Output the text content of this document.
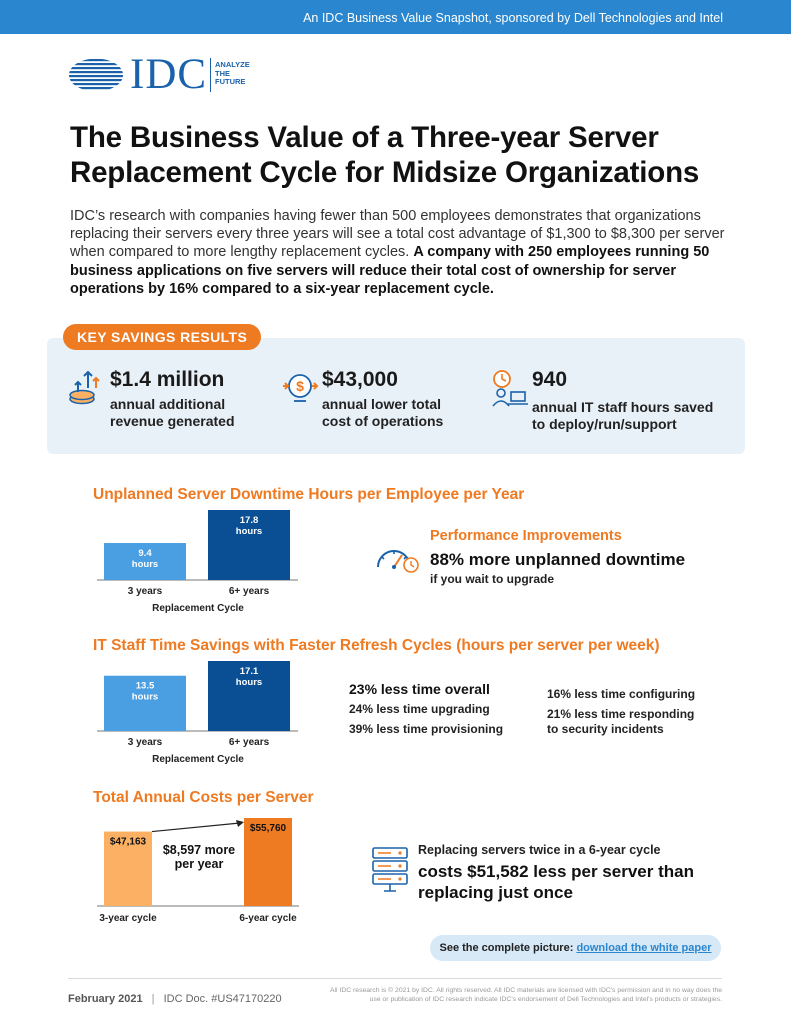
An IDC Business Value Snapshot, sponsored by Dell Technologies and Intel
IDC ANALYZE
THE
FUTURE
The Business Value of a Three-year Server Replacement Cycle for Midsize Organizations

IDC’s research with companies having fewer than 500 employees demonstrates that organizations replacing their servers every three years will see a total cost advantage of $1,300 to $8,300 per server when compared to more lengthy replacement cycles. A company with 250 employees running 50 business applications on five servers will reduce their total cost of ownership for server operations by 16% compared to a six-year replacement cycle.

KEY SAVINGS RESULTS
$1.4 million
annual additional
revenue generated
$ $43,000
annual lower total
cost of operations
940
annual IT staff hours saved
to deploy/run/support
Unplanned Server Downtime Hours per Employee per Year
9.4
hours
3 years
17.8
hours
6+ years
Replacement Cycle
Performance Improvements
88% more unplanned downtime
if you wait to upgrade
IT Staff Time Savings with Faster Refresh Cycles (hours per server per week)
13.5
hours
3 years
17.1
hours
6+ years
Replacement Cycle
23% less time overall
24% less time upgrading
39% less time provisioning
16% less time configuring
21% less time responding
to security incidents
Total Annual Costs per Server
$47,163
3-year cycle
$55,760
6-year cycle
$8,597 more
per year
Replacing servers twice in a 6-year cycle
costs $51,582 less per server than replacing just once
See the complete picture: download the white paper
February 2021 | IDC Doc. #US47170220
All IDC research is © 2021 by IDC. All rights reserved. All IDC materials are licensed with IDC's permission and in no way does the use or publication of IDC research indicate IDC's endorsement of Dell Technologies and Intel's products or strategies.
